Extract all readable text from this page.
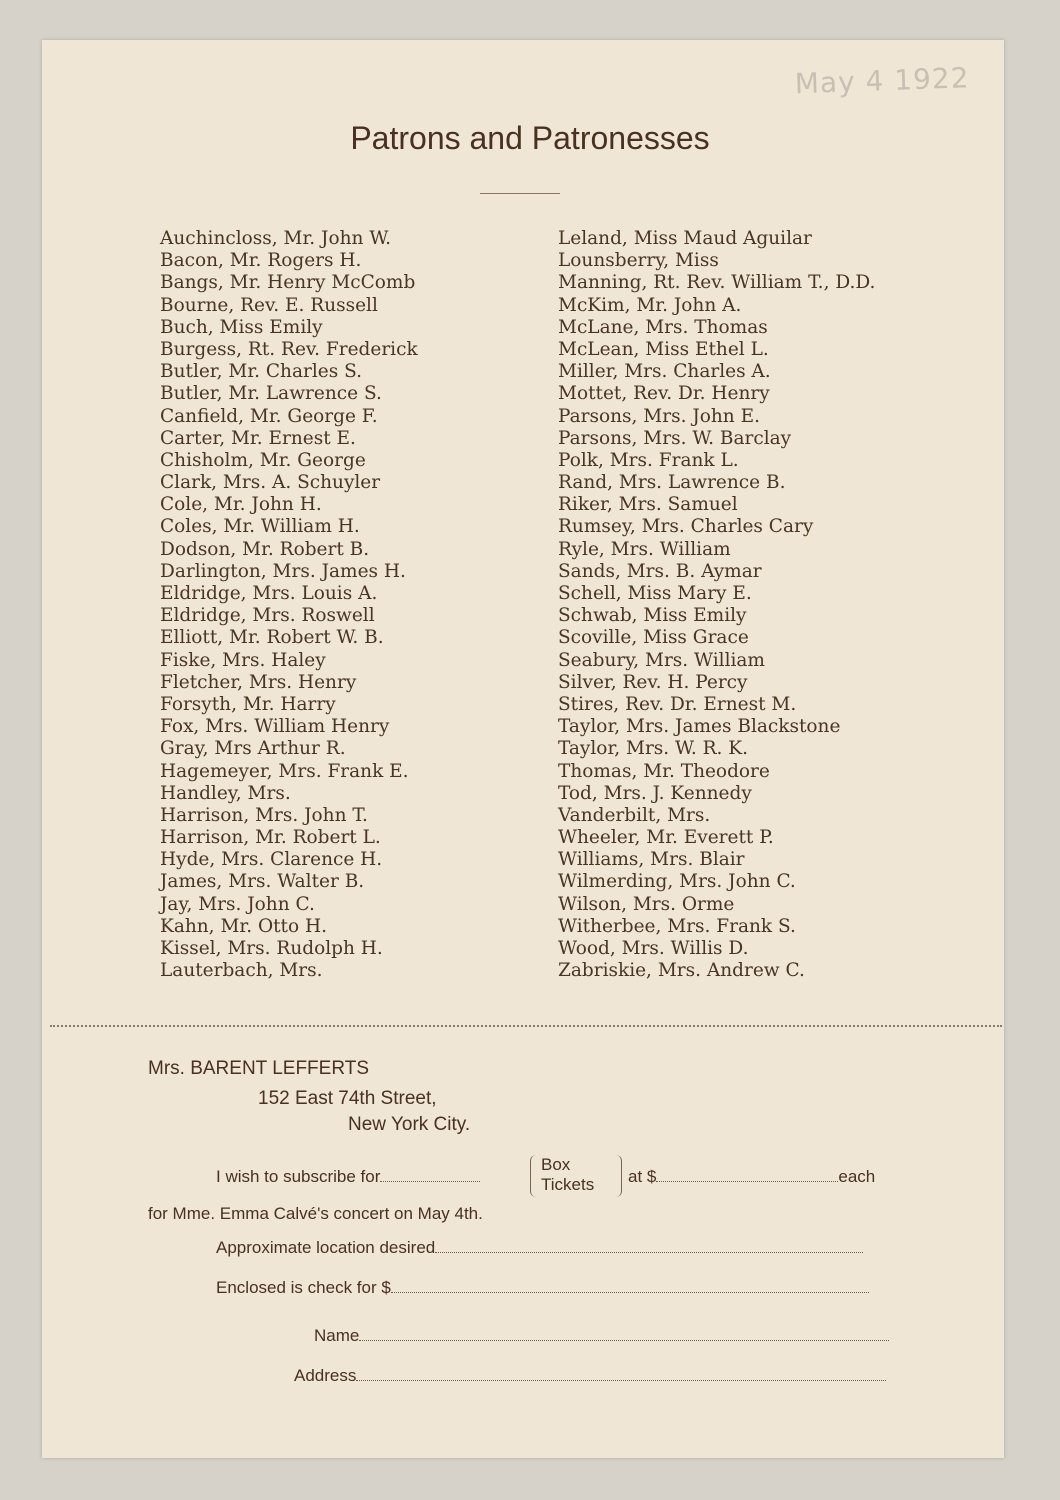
May 4 1922
Patrons and Patronesses
Auchincloss, Mr. John W.
Bacon, Mr. Rogers H.
Bangs, Mr. Henry McComb
Bourne, Rev. E. Russell
Buch, Miss Emily
Burgess, Rt. Rev. Frederick
Butler, Mr. Charles S.
Butler, Mr. Lawrence S.
Canfield, Mr. George F.
Carter, Mr. Ernest E.
Chisholm, Mr. George
Clark, Mrs. A. Schuyler
Cole, Mr. John H.
Coles, Mr. William H.
Dodson, Mr. Robert B.
Darlington, Mrs. James H.
Eldridge, Mrs. Louis A.
Eldridge, Mrs. Roswell
Elliott, Mr. Robert W. B.
Fiske, Mrs. Haley
Fletcher, Mrs. Henry
Forsyth, Mr. Harry
Fox, Mrs. William Henry
Gray, Mrs Arthur R.
Hagemeyer, Mrs. Frank E.
Handley, Mrs.
Harrison, Mrs. John T.
Harrison, Mr. Robert L.
Hyde, Mrs. Clarence H.
James, Mrs. Walter B.
Jay, Mrs. John C.
Kahn, Mr. Otto H.
Kissel, Mrs. Rudolph H.
Lauterbach, Mrs.
Leland, Miss Maud Aguilar
Lounsberry, Miss
Manning, Rt. Rev. William T., D.D.
McKim, Mr. John A.
McLane, Mrs. Thomas
McLean, Miss Ethel L.
Miller, Mrs. Charles A.
Mottet, Rev. Dr. Henry
Parsons, Mrs. John E.
Parsons, Mrs. W. Barclay
Polk, Mrs. Frank L.
Rand, Mrs. Lawrence B.
Riker, Mrs. Samuel
Rumsey, Mrs. Charles Cary
Ryle, Mrs. William
Sands, Mrs. B. Aymar
Schell, Miss Mary E.
Schwab, Miss Emily
Scoville, Miss Grace
Seabury, Mrs. William
Silver, Rev. H. Percy
Stires, Rev. Dr. Ernest M.
Taylor, Mrs. James Blackstone
Taylor, Mrs. W. R. K.
Thomas, Mr. Theodore
Tod, Mrs. J. Kennedy
Vanderbilt, Mrs.
Wheeler, Mr. Everett P.
Williams, Mrs. Blair
Wilmerding, Mrs. John C.
Wilson, Mrs. Orme
Witherbee, Mrs. Frank S.
Wood, Mrs. Willis D.
Zabriskie, Mrs. Andrew C.
Mrs. BARENT LEFFERTS
152 East 74th Street,
New York City.
I wish to subscribe for
Box
Tickets	at $	each
for Mme. Emma Calvé's concert on May 4th.
Approximate location desired
Enclosed is check for $
Name
Address
